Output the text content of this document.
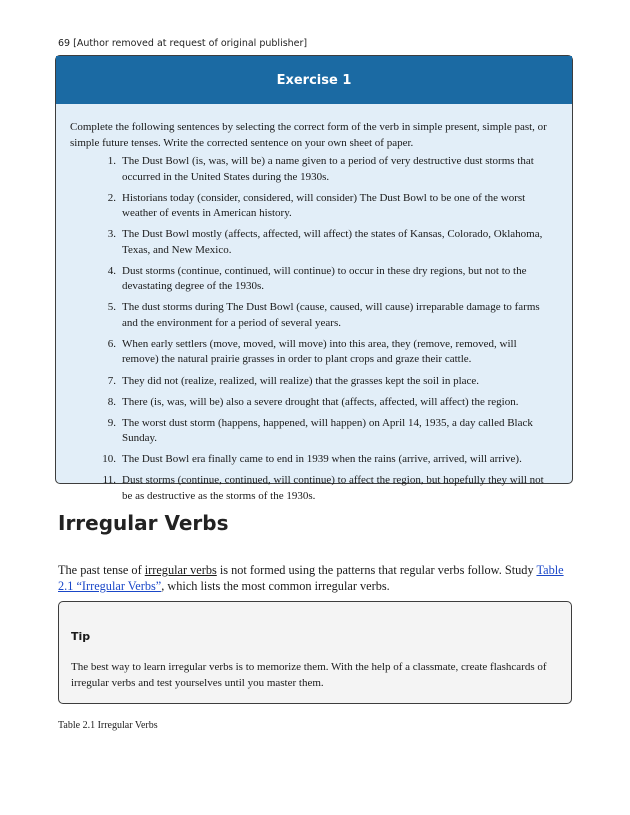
69 [Author removed at request of original publisher]
Exercise 1
Complete the following sentences by selecting the correct form of the verb in simple present, simple past, or simple future tenses. Write the corrected sentence on your own sheet of paper.
1. The Dust Bowl (is, was, will be) a name given to a period of very destructive dust storms that occurred in the United States during the 1930s.
2. Historians today (consider, considered, will consider) The Dust Bowl to be one of the worst weather of events in American history.
3. The Dust Bowl mostly (affects, affected, will affect) the states of Kansas, Colorado, Oklahoma, Texas, and New Mexico.
4. Dust storms (continue, continued, will continue) to occur in these dry regions, but not to the devastating degree of the 1930s.
5. The dust storms during The Dust Bowl (cause, caused, will cause) irreparable damage to farms and the environment for a period of several years.
6. When early settlers (move, moved, will move) into this area, they (remove, removed, will remove) the natural prairie grasses in order to plant crops and graze their cattle.
7. They did not (realize, realized, will realize) that the grasses kept the soil in place.
8. There (is, was, will be) also a severe drought that (affects, affected, will affect) the region.
9. The worst dust storm (happens, happened, will happen) on April 14, 1935, a day called Black Sunday.
10. The Dust Bowl era finally came to end in 1939 when the rains (arrive, arrived, will arrive).
11. Dust storms (continue, continued, will continue) to affect the region, but hopefully they will not be as destructive as the storms of the 1930s.
Irregular Verbs

The past tense of irregular verbs is not formed using the patterns that regular verbs follow. Study Table 2.1 “Irregular Verbs”, which lists the most common irregular verbs.

Tip
The best way to learn irregular verbs is to memorize them. With the help of a classmate, create flashcards of irregular verbs and test yourselves until you master them.
Table 2.1 Irregular Verbs
